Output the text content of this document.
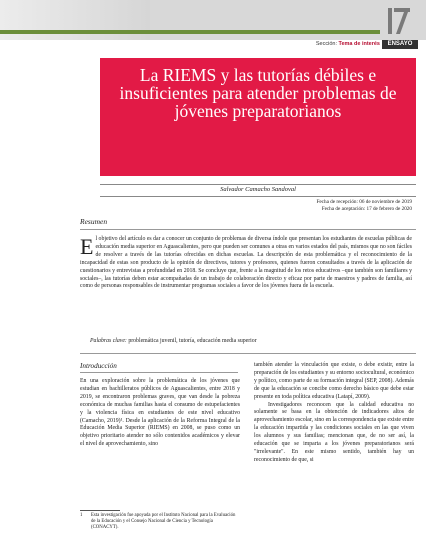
Sección: Tema de interés	ENSAYO
La RIEMS y las tutorías débiles e insuficientes para atender problemas de jóvenes preparatorianos
Salvador Camacho Sandoval
Fecha de recepción: 06 de noviembre de 2019
Fecha de aceptación: 17 de febrero de 2020
Resumen
E l objetivo del artículo es dar a conocer un conjunto de problemas de diversa índole que presentan los estudiantes de escuelas públicas de educación media superior en Aguascalientes, pero que pueden ser comunes a otras en varios estados del país, mismos que no son fáciles de resolver a través de las tutorías ofrecidas en dichas escuelas. La descripción de esta problemática y el reconocimiento de la incapacidad de estas son producto de la opinión de directivos, tutores y profesores, quienes fueron consultados a través de la aplicación de cuestionarios y entrevistas a profundidad en 2018. Se concluye que, frente a la magnitud de los retos educativos –que también son familiares y sociales–, las tutorías deben estar acompañadas de un trabajo de colaboración directo y eficaz por parte de maestros y padres de familia, así como de personas responsables de instrumentar programas sociales a favor de los jóvenes fuera de la escuela.
Palabras clave: problemática juvenil, tutoría, educación media superior
Introducción

En una exploración sobre la problemática de los jóvenes que estudian en bachilleratos públicos de Aguascalientes, entre 2018 y 2019, se encontraron problemas graves, que van desde la pobreza económica de muchas familias hasta el consumo de estupefacientes y la violencia física en estudiantes de este nivel educativo (Camacho, 2019)¹. Desde la aplicación de la Reforma Integral de la Educación Media Superior (RIEMS) en 2008, se puso como un objetivo prioritario atender no sólo contenidos académicos y elevar el nivel de aprovechamiento, sino

también atender la vinculación que existe, o debe existir, entre la preparación de los estudiantes y su entorno sociocultural, económico y político, como parte de su formación integral (SEP, 2008). Además de que la educación se concibe como derecho básico que debe estar presente en toda política educativa (Latapí, 2009).

Investigadores reconocen que la calidad educativa no solamente se basa en la obtención de indicadores altos de aprovechamiento escolar, sino en la correspondencia que existe entre la educación impartida y las condiciones sociales en las que viven los alumnos y sus familias; mencionan que, de no ser así, la educación que se imparta a los jóvenes preparatorianos será "irrelevante". En este mismo sentido, también hay un reconocimiento de que, si

1 Esta investigación fue apoyada por el Instituto Nacional para la Evaluación de la Educación y el Consejo Nacional de Ciencia y Tecnología (CONACYT).
